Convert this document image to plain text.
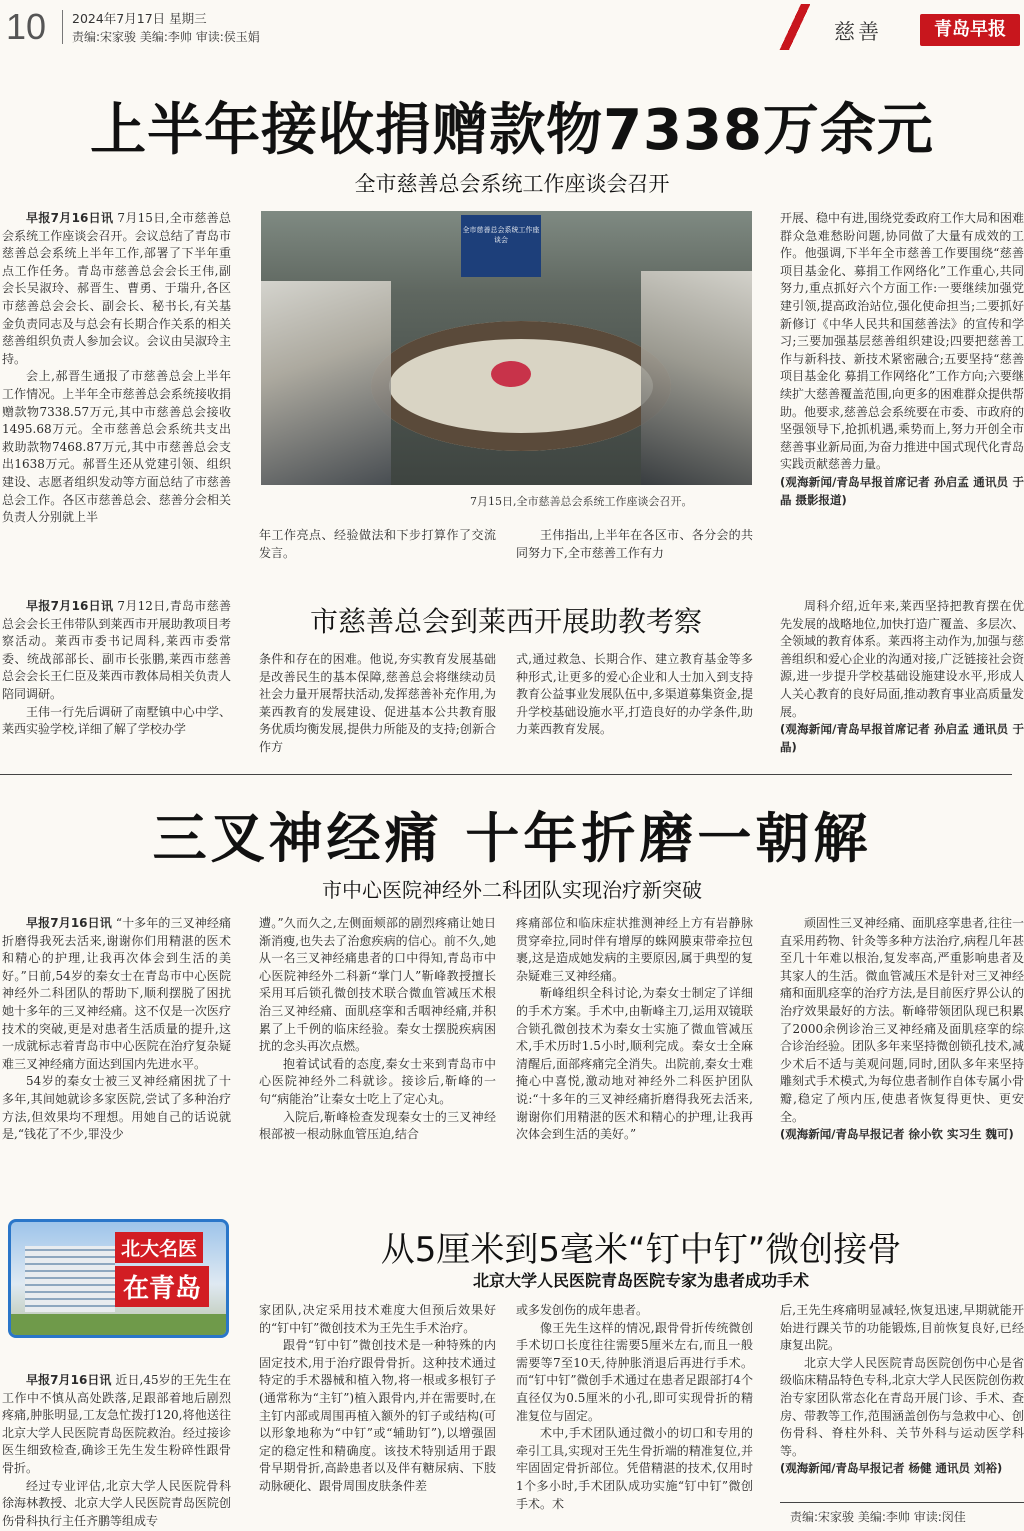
10 2024年7月17日 星期三
责编:宋家骏 美编:李帅 审读:侯玉娟	慈善	青岛早报
上半年接收捐赠款物7338万余元
全市慈善总会系统工作座谈会召开

早报7月16日讯 7月15日,全市慈善总会系统工作座谈会召开。会议总结了青岛市慈善总会系统上半年工作,部署了下半年重点工作任务。青岛市慈善总会会长王伟,副会长吴淑玲、郝晋生、曹勇、于瑞升,各区市慈善总会会长、副会长、秘书长,有关基金负责同志及与总会有长期合作关系的相关慈善组织负责人参加会议。会议由吴淑玲主持。

会上,郝晋生通报了市慈善总会上半年工作情况。上半年全市慈善总会系统接收捐赠款物7338.57万元,其中市慈善总会接收1495.68万元。全市慈善总会系统共支出救助款物7468.87万元,其中市慈善总会支出1638万元。郝晋生还从党建引领、组织建设、志愿者组织发动等方面总结了市慈善总会工作。各区市慈善总会、慈善分会相关负责人分别就上半

全市慈善总会系统工作座谈会
7月15日,全市慈善总会系统工作座谈会召开。
年工作亮点、经验做法和下步打算作了交流发言。
王伟指出,上半年在各区市、各分会的共同努力下,全市慈善工作有力

开展、稳中有进,围绕党委政府工作大局和困难群众急难愁盼问题,协同做了大量有成效的工作。他强调,下半年全市慈善工作要围绕“慈善项目基金化、募捐工作网络化”工作重心,共同努力,重点抓好六个方面工作:一要继续加强党建引领,提高政治站位,强化使命担当;二要抓好新修订《中华人民共和国慈善法》的宣传和学习;三要加强基层慈善组织建设;四要把慈善工作与新科技、新技术紧密融合;五要坚持“慈善项目基金化 募捐工作网络化”工作方向;六要继续扩大慈善覆盖范围,向更多的困难群众提供帮助。他要求,慈善总会系统要在市委、市政府的坚强领导下,抢抓机遇,乘势而上,努力开创全市慈善事业新局面,为奋力推进中国式现代化青岛实践贡献慈善力量。

(观海新闻/青岛早报首席记者 孙启孟 通讯员 于晶 摄影报道)

市慈善总会到莱西开展助教考察

早报7月16日讯 7月12日,青岛市慈善总会会长王伟带队到莱西市开展助教项目考察活动。莱西市委书记周科,莱西市委常委、统战部部长、副市长张鹏,莱西市慈善总会会长王仁臣及莱西市教体局相关负责人陪同调研。

王伟一行先后调研了南墅镇中心中学、莱西实验学校,详细了解了学校办学

条件和存在的困难。他说,夯实教育发展基础是改善民生的基本保障,慈善总会将继续动员社会力量开展帮扶活动,发挥慈善补充作用,为莱西教育的发展建设、促进基本公共教育服务优质均衡发展,提供力所能及的支持;创新合作方
式,通过救急、长期合作、建立教育基金等多种形式,让更多的爱心企业和人士加入到支持教育公益事业发展队伍中,多渠道募集资金,提升学校基础设施水平,打造良好的办学条件,助力莱西教育发展。

周科介绍,近年来,莱西坚持把教育摆在优先发展的战略地位,加快打造广覆盖、多层次、全领域的教育体系。莱西将主动作为,加强与慈善组织和爱心企业的沟通对接,广泛链接社会资源,进一步提升学校基础设施建设水平,形成人人关心教育的良好局面,推动教育事业高质量发展。

(观海新闻/青岛早报首席记者 孙启孟 通讯员 于晶)

三叉神经痛 十年折磨一朝解
市中心医院神经外二科团队实现治疗新突破

早报7月16日讯 “十多年的三叉神经痛折磨得我死去活来,谢谢你们用精湛的医术和精心的护理,让我再次体会到生活的美好。”日前,54岁的秦女士在青岛市中心医院神经外二科团队的帮助下,顺利摆脱了困扰她十多年的三叉神经痛。这不仅是一次医疗技术的突破,更是对患者生活质量的提升,这一成就标志着青岛市中心医院在治疗复杂疑难三叉神经痛方面达到国内先进水平。

54岁的秦女士被三叉神经痛困扰了十多年,其间她就诊多家医院,尝试了多种治疗方法,但效果均不理想。用她自己的话说就是,“钱花了不少,罪没少

遭。”久而久之,左侧面颊部的剧烈疼痛让她日渐消瘦,也失去了治愈疾病的信心。前不久,她从一名三叉神经痛患者的口中得知,青岛市中心医院神经外二科新“掌门人”靳峰教授擅长采用耳后锁孔微创技术联合微血管减压术根治三叉神经痛、面肌痉挛和舌咽神经痛,并积累了上千例的临床经验。秦女士摆脱疾病困扰的念头再次点燃。

抱着试试看的态度,秦女士来到青岛市中心医院神经外二科就诊。接诊后,靳峰的一句“病能治”让秦女士吃上了定心丸。

入院后,靳峰检查发现秦女士的三叉神经根部被一根动脉血管压迫,结合

疼痛部位和临床症状推测神经上方有岩静脉贯穿牵拉,同时伴有增厚的蛛网膜束带牵拉包裹,这是造成她发病的主要原因,属于典型的复杂疑难三叉神经痛。

靳峰组织全科讨论,为秦女士制定了详细的手术方案。手术中,由靳峰主刀,运用双镜联合锁孔微创技术为秦女士实施了微血管减压术,手术历时1.5小时,顺利完成。秦女士全麻清醒后,面部疼痛完全消失。出院前,秦女士难掩心中喜悦,激动地对神经外二科医护团队说:“十多年的三叉神经痛折磨得我死去活来,谢谢你们用精湛的医术和精心的护理,让我再次体会到生活的美好。”

顽固性三叉神经痛、面肌痉挛患者,往往一直采用药物、针灸等多种方法治疗,病程几年甚至几十年难以根治,复发率高,严重影响患者及其家人的生活。微血管减压术是针对三叉神经痛和面肌痉挛的治疗方法,是目前医疗界公认的治疗效果最好的方法。靳峰带领团队现已积累了2000余例诊治三叉神经痛及面肌痉挛的综合诊治经验。团队多年来坚持微创锁孔技术,减少术后不适与美观问题,同时,团队多年来坚持雕刻式手术模式,为每位患者制作自体专属小骨瓣,稳定了颅内压,使患者恢复得更快、更安全。

(观海新闻/青岛早报记者 徐小钦 实习生 魏可)

北大名医
在青岛
从5厘米到5毫米“钉中钉”微创接骨
北京大学人民医院青岛医院专家为患者成功手术

早报7月16日讯 近日,45岁的王先生在工作中不慎从高处跌落,足跟部着地后剧烈疼痛,肿胀明显,工友急忙拨打120,将他送往北京大学人民医院青岛医院救治。经过接诊医生细致检查,确诊王先生发生粉碎性跟骨骨折。

经过专业评估,北京大学人民医院骨科徐海林教授、北京大学人民医院青岛医院创伤骨科执行主任齐鹏等组成专

家团队,决定采用技术难度大但预后效果好的“钉中钉”微创技术为王先生手术治疗。

跟骨“钉中钉”微创技术是一种特殊的内固定技术,用于治疗跟骨骨折。这种技术通过特定的手术器械和植入物,将一根或多根钉子(通常称为“主钉”)植入跟骨内,并在需要时,在主钉内部或周围再植入额外的钉子或结构(可以形象地称为“中钉”或“辅助钉”),以增强固定的稳定性和精确度。该技术特别适用于跟骨早期骨折,高龄患者以及伴有糖尿病、下肢动脉硬化、跟骨周围皮肤条件差

或多发创伤的成年患者。

像王先生这样的情况,跟骨骨折传统微创手术切口长度往往需要5厘米左右,而且一般需要等7至10天,待肿胀消退后再进行手术。而“钉中钉”微创手术通过在患者足跟部打4个直径仅为0.5厘米的小孔,即可实现骨折的精准复位与固定。

术中,手术团队通过微小的切口和专用的牵引工具,实现对王先生骨折端的精准复位,并牢固固定骨折部位。凭借精湛的技术,仅用时1个多小时,手术团队成功实施“钉中钉”微创手术。术

后,王先生疼痛明显减轻,恢复迅速,早期就能开始进行踝关节的功能锻炼,目前恢复良好,已经康复出院。

北京大学人民医院青岛医院创伤中心是省级临床精品特色专科,北京大学人民医院创伤救治专家团队常态化在青岛开展门诊、手术、查房、带教等工作,范围涵盖创伤与急救中心、创伤骨科、脊柱外科、关节外科与运动医学科等。

(观海新闻/青岛早报记者 杨健 通讯员 刘裕)

责编:宋家骏 美编:李帅 审读:闵佳
